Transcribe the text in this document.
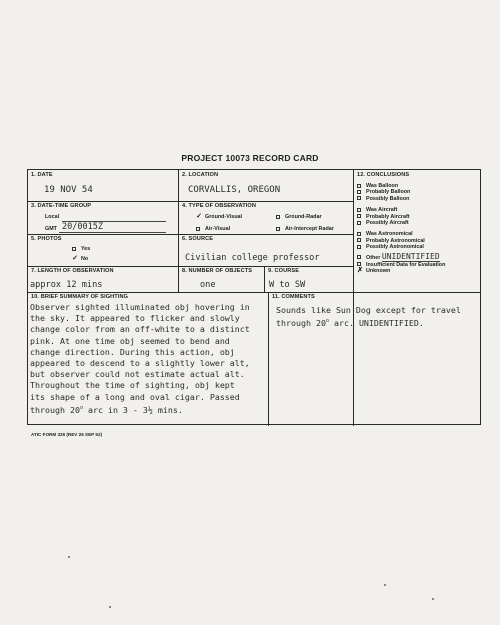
PROJECT 10073 RECORD CARD
1. DATE
19 NOV 54
2. LOCATION
CORVALLIS, OREGON
3. DATE-TIME GROUP
Local
GMT 20/0015Z
4. TYPE OF OBSERVATION
✓ Ground-Visual	Ground-Radar
Air-Visual	Air-Intercept Radar
5. PHOTOS
Yes
✓ No
6. SOURCE
Civilian college professor
7. LENGTH OF OBSERVATION
approx 12 mins
8. NUMBER OF OBJECTS
one
9. COURSE
W to SW
10. BRIEF SUMMARY OF SIGHTING
Observer sighted illuminated obj hovering in
the sky. It appeared to flicker and slowly
change color from an off-white to a distinct
pink. At one time obj seemed to bend and
change direction. During this action, obj
appeared to descend to a slightly lower alt,
but observer could not estimate actual alt.
Throughout the time of sighting, obj kept
its shape of a long and oval cigar. Passed
through 20$^o$ arc in 3 - 3½ mins.
11. COMMENTS
Sounds like Sun Dog except for travel
through 20$^o$ arc. UNIDENTIFIED.
12. CONCLUSIONS
Was Balloon
Probably Balloon
Possibly Balloon
Was Aircraft
Probably Aircraft
Possibly Aircraft
Was Astronomical
Probably Astronomical
Possibly Astronomical
Other UNIDENTIFIED
Insufficient Data for Evaluation
✗ Unknown
ATIC FORM 329 (REV 26 SEP 52)
